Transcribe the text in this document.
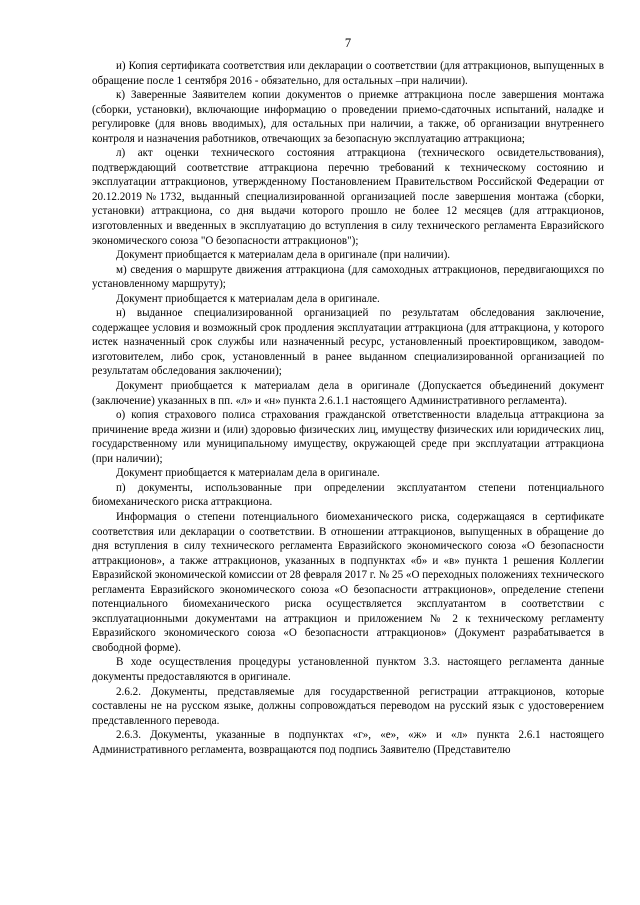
7

и) Копия сертификата соответствия или декларации о соответствии (для аттракционов, выпущенных в обращение после 1 сентября 2016 - обязательно, для остальных –при наличии).

к) Заверенные Заявителем копии документов о приемке аттракциона после завершения монтажа (сборки, установки), включающие информацию о проведении приемо-сдаточных испытаний, наладке и регулировке (для вновь вводимых), для остальных при наличии, а также, об организации внутреннего контроля и назначения работников, отвечающих за безопасную эксплуатацию аттракциона;

л) акт оценки технического состояния аттракциона (технического освидетельствования), подтверждающий соответствие аттракциона перечню требований к техническому состоянию и эксплуатации аттракционов, утвержденному Постановлением Правительством Российской Федерации от 20.12.2019№1732, выданный специализированной организацией после завершения монтажа (сборки, установки) аттракциона, со дня выдачи которого прошло не более 12 месяцев (для аттракционов, изготовленных и введенных в эксплуатацию до вступления в силу технического регламента Евразийского экономического союза "О безопасности аттракционов");

Документ приобщается к материалам дела в оригинале (при наличии).

м) сведения о маршруте движения аттракциона (для самоходных аттракционов, передвигающихся по установленному маршруту);

Документ приобщается к материалам дела в оригинале.

н) выданное специализированной организацией по результатам обследования заключение, содержащее условия и возможный срок продления эксплуатации аттракциона (для аттракциона, у которого истек назначенный срок службы или назначенный ресурс, установленный проектировщиком, заводом-изготовителем, либо срок, установленный в ранее выданном специализированной организацией по результатам обследования заключении);

Документ приобщается к материалам дела в оригинале (Допускается объединений документ (заключение) указанных в пп. «л» и «н» пункта 2.6.1.1 настоящего Административного регламента).

о) копия страхового полиса страхования гражданской ответственности владельца аттракциона за причинение вреда жизни и (или) здоровью физических лиц, имуществу физических или юридических лиц, государственному или муниципальному имуществу, окружающей среде при эксплуатации аттракциона (при наличии);

Документ приобщается к материалам дела в оригинале.

п) документы, использованные при определении эксплуатантом степени потенциального биомеханического риска аттракциона.

Информация о степени потенциального биомеханического риска, содержащаяся в сертификате соответствия или декларации о соответствии. В отношении аттракционов, выпущенных в обращение до дня вступления в силу технического регламента Евразийского экономического союза «О безопасности аттракционов», а также аттракционов, указанных в подпунктах «б» и «в» пункта 1 решения Коллегии Евразийской экономической комиссии от 28 февраля 2017 г. № 25 «О переходных положениях технического регламента Евразийского экономического союза «О безопасности аттракционов», определение степени потенциального биомеханического риска осуществляется эксплуатантом в соответствии с эксплуатационными документами на аттракцион и приложением № 2 к техническому регламенту Евразийского экономического союза «О безопасности аттракционов» (Документ разрабатывается в свободной форме).

В ходе осуществления процедуры установленной пунктом 3.3. настоящего регламента данные документы предоставляются в оригинале.

2.6.2. Документы, представляемые для государственной регистрации аттракционов, которые составлены не на русском языке, должны сопровождаться переводом на русский язык с удостоверением представленного перевода.

2.6.3. Документы, указанные в подпунктах «г», «е», «ж» и «л» пункта 2.6.1 настоящего Административного регламента, возвращаются под подпись Заявителю (Представителю
